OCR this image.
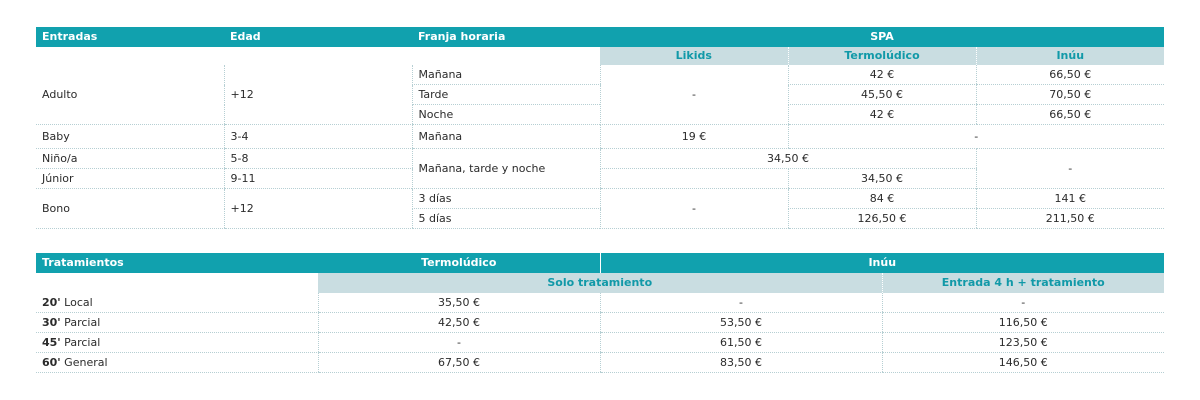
Entradas	Edad	Franja horaria	SPA		
			Likids	Termolúdico	Inúu
Adulto	+12	Mañana	-	42 €	66,50 €
		Tarde		45,50 €	70,50 €
		Noche		42 €	66,50 €
Baby	3-4	Mañana	19 €	-	
Niño/a	5-8	Mañana, tarde y noche	34,50 €		-
Júnior	9-11			34,50 €	
Bono	+12	3 días	-	84 €	141 €
		5 días		126,50 €	211,50 €
Tratamientos	Termolúdico	Inúu	
	Solo tratamiento		Entrada 4 h + tratamiento
20' Local	35,50 €	-	-
30' Parcial	42,50 €	53,50 €	116,50 €
45' Parcial	-	61,50 €	123,50 €
60' General	67,50 €	83,50 €	146,50 €
